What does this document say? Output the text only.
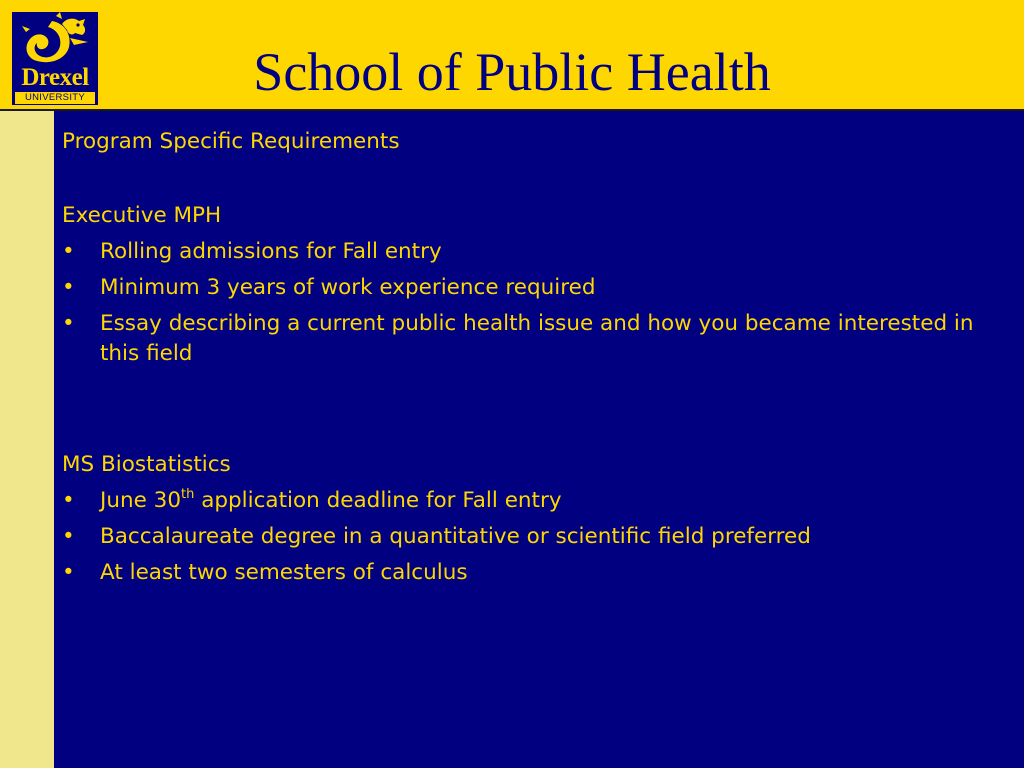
Drexel
UNIVERSITY	School of Public Health

Program Specific Requirements

Executive MPH

• Rolling admissions for Fall entry
• Minimum 3 years of work experience required
• Essay describing a current public health issue and how you became interested in this field

MS Biostatistics

• June 30th application deadline for Fall entry
• Baccalaureate degree in a quantitative or scientific field preferred
• At least two semesters of calculus
